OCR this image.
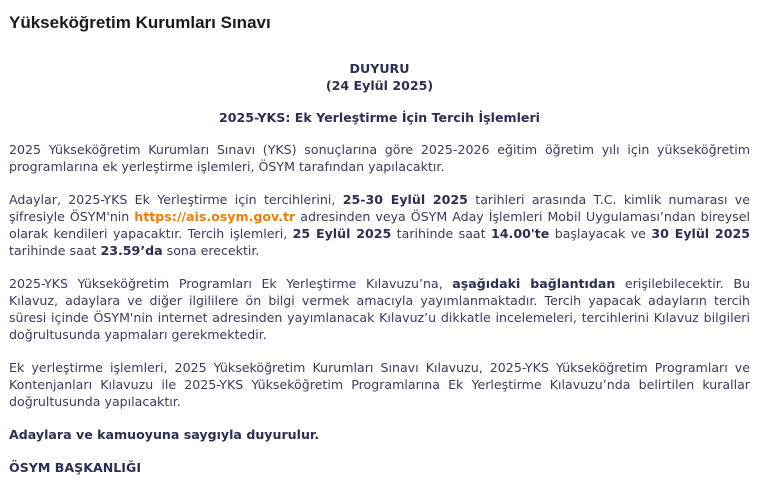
Yükseköğretim Kurumları Sınavı
DUYURU
(24 Eylül 2025)
2025-YKS: Ek Yerleştirme İçin Tercih İşlemleri

2025 Yükseköğretim Kurumları Sınavı (YKS) sonuçlarına göre 2025-2026 eğitim öğretim yılı için yükseköğretim programlarına ek yerleştirme işlemleri, ÖSYM tarafından yapılacaktır.

Adaylar, 2025-YKS Ek Yerleştirme için tercihlerini, 25-30 Eylül 2025 tarihleri arasında T.C. kimlik numarası ve şifresiyle ÖSYM'nin https://ais.osym.gov.tr adresinden veya ÖSYM Aday İşlemleri Mobil Uygulaması’ndan bireysel olarak kendileri yapacaktır. Tercih işlemleri, 25 Eylül 2025 tarihinde saat 14.00'te başlayacak ve 30 Eylül 2025 tarihinde saat 23.59’da sona erecektir.

2025-YKS Yükseköğretim Programları Ek Yerleştirme Kılavuzu’na, aşağıdaki bağlantıdan erişilebilecektir. Bu Kılavuz, adaylara ve diğer ilgililere ön bilgi vermek amacıyla yayımlanmaktadır. Tercih yapacak adayların tercih süresi içinde ÖSYM'nin internet adresinden yayımlanacak Kılavuz’u dikkatle incelemeleri, tercihlerini Kılavuz bilgileri doğrultusunda yapmaları gerekmektedir.

Ek yerleştirme işlemleri, 2025 Yükseköğretim Kurumları Sınavı Kılavuzu, 2025-YKS Yükseköğretim Programları ve Kontenjanları Kılavuzu ile 2025-YKS Yükseköğretim Programlarına Ek Yerleştirme Kılavuzu’nda belirtilen kurallar doğrultusunda yapılacaktır.

Adaylara ve kamuoyuna saygıyla duyurulur.

ÖSYM BAŞKANLIĞI
